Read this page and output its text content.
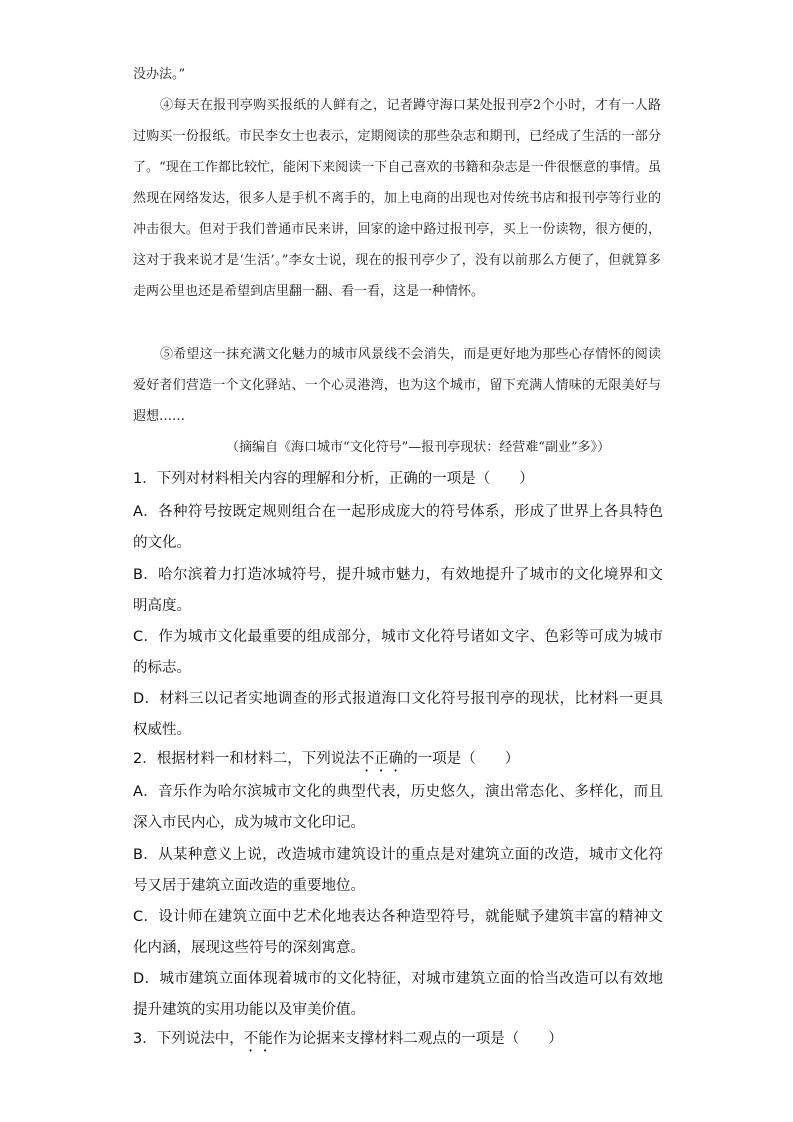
没办法。”

④每天在报刊亭购买报纸的人鲜有之，记者蹲守海口某处报刊亭2个小时，才有一人路过购买一份报纸。市民李女士也表示，定期阅读的那些杂志和期刊，已经成了生活的一部分了。“现在工作都比较忙，能闲下来阅读一下自己喜欢的书籍和杂志是一件很惬意的事情。虽然现在网络发达，很多人是手机不离手的，加上电商的出现也对传统书店和报刊亭等行业的冲击很大。但对于我们普通市民来讲，回家的途中路过报刊亭，买上一份读物，很方便的，这对于我来说才是‘生活’。”李女士说，现在的报刊亭少了，没有以前那么方便了，但就算多走两公里也还是希望到店里翻一翻、看一看，这是一种情怀。

⑤希望这一抹充满文化魅力的城市风景线不会消失，而是更好地为那些心存情怀的阅读爱好者们营造一个文化驿站、一个心灵港湾，也为这个城市，留下充满人情味的无限美好与遐想……

（摘编自《海口城市“文化符号”—报刊亭现状：经营难“副业”多》）
1．下列对材料相关内容的理解和分析，正确的一项是（　　）
A．各种符号按既定规则组合在一起形成庞大的符号体系，形成了世界上各具特色的文化。
B．哈尔滨着力打造冰城符号，提升城市魅力，有效地提升了城市的文化境界和文明高度。
C．作为城市文化最重要的组成部分，城市文化符号诸如文字、色彩等可成为城市的标志。
D．材料三以记者实地调查的形式报道海口文化符号报刊亭的现状，比材料一更具权威性。
2．根据材料一和材料二，下列说法不正确的一项是（　　）
A．音乐作为哈尔滨城市文化的典型代表，历史悠久，演出常态化、多样化，而且深入市民内心，成为城市文化印记。
B．从某种意义上说，改造城市建筑设计的重点是对建筑立面的改造，城市文化符号又居于建筑立面改造的重要地位。
C．设计师在建筑立面中艺术化地表达各种造型符号，就能赋予建筑丰富的精神文化内涵，展现这些符号的深刻寓意。
D．城市建筑立面体现着城市的文化特征，对城市建筑立面的恰当改造可以有效地提升建筑的实用功能以及审美价值。
3．下列说法中，不能作为论据来支撑材料二观点的一项是（　　）
